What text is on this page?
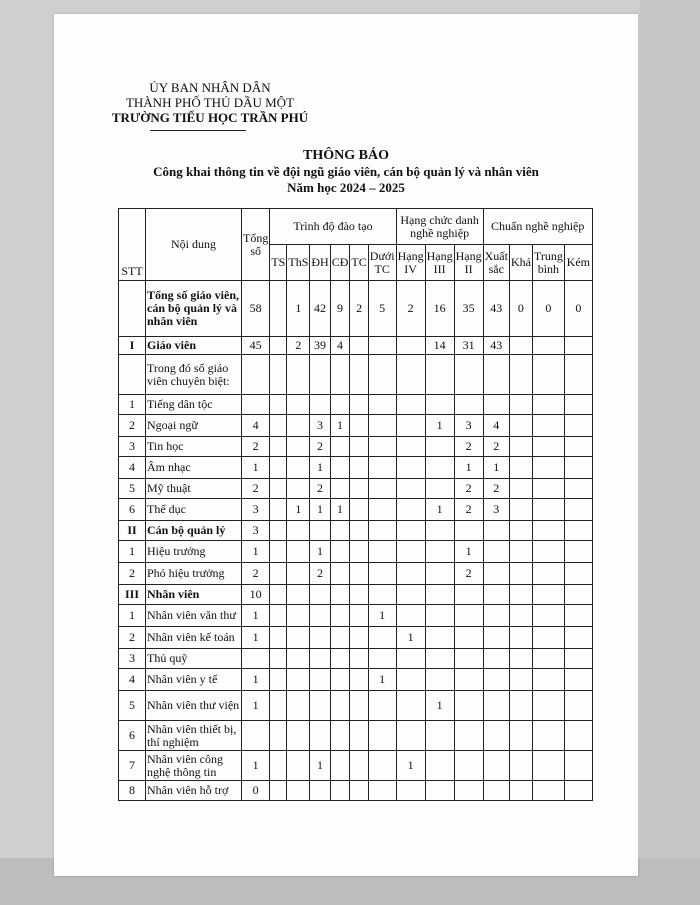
ỦY BAN NHÂN DÂN
THÀNH PHỐ THỦ DẦU MỘT
TRƯỜNG TIỂU HỌC TRẦN PHÚ
THÔNG BÁO
Công khai thông tin về đội ngũ giáo viên, cán bộ quản lý và nhân viên
Năm học 2024 – 2025
STT	Nội dung	Tổng số	Trình độ đào tạo						Hạng chức danh nghề nghiệp			Chuẩn nghề nghiệp			
			TS	ThS	ĐH	CĐ	TC	Dưới TC	Hạng IV	Hạng III	Hạng II	Xuất sắc	Khá	Trung bình	Kém
	Tổng số giáo viên, cán bộ quản lý và nhân viên	58		1	42	9	2	5	2	16	35	43	0	0	0
I	Giáo viên	45		2	39	4				14	31	43			
	Trong đó số giáo viên chuyên biệt:														
1	Tiếng dân tộc														
2	Ngoại ngữ	4			3	1				1	3	4			
3	Tin học	2			2						2	2			
4	Âm nhạc	1			1						1	1			
5	Mỹ thuật	2			2						2	2			
6	Thể dục	3		1	1	1				1	2	3			
II	Cán bộ quản lý	3													
1	Hiệu trưởng	1			1						1				
2	Phó hiệu trưởng	2			2						2				
III	Nhân viên	10													
1	Nhân viên văn thư	1						1							
2	Nhân viên kế toán	1							1						
3	Thủ quỹ														
4	Nhân viên y tế	1						1							
5	Nhân viên thư viện	1								1					
6	Nhân viên thiết bị, thí nghiệm														
7	Nhân viên công nghệ thông tin	1			1				1						
8	Nhân viên hỗ trợ	0													
